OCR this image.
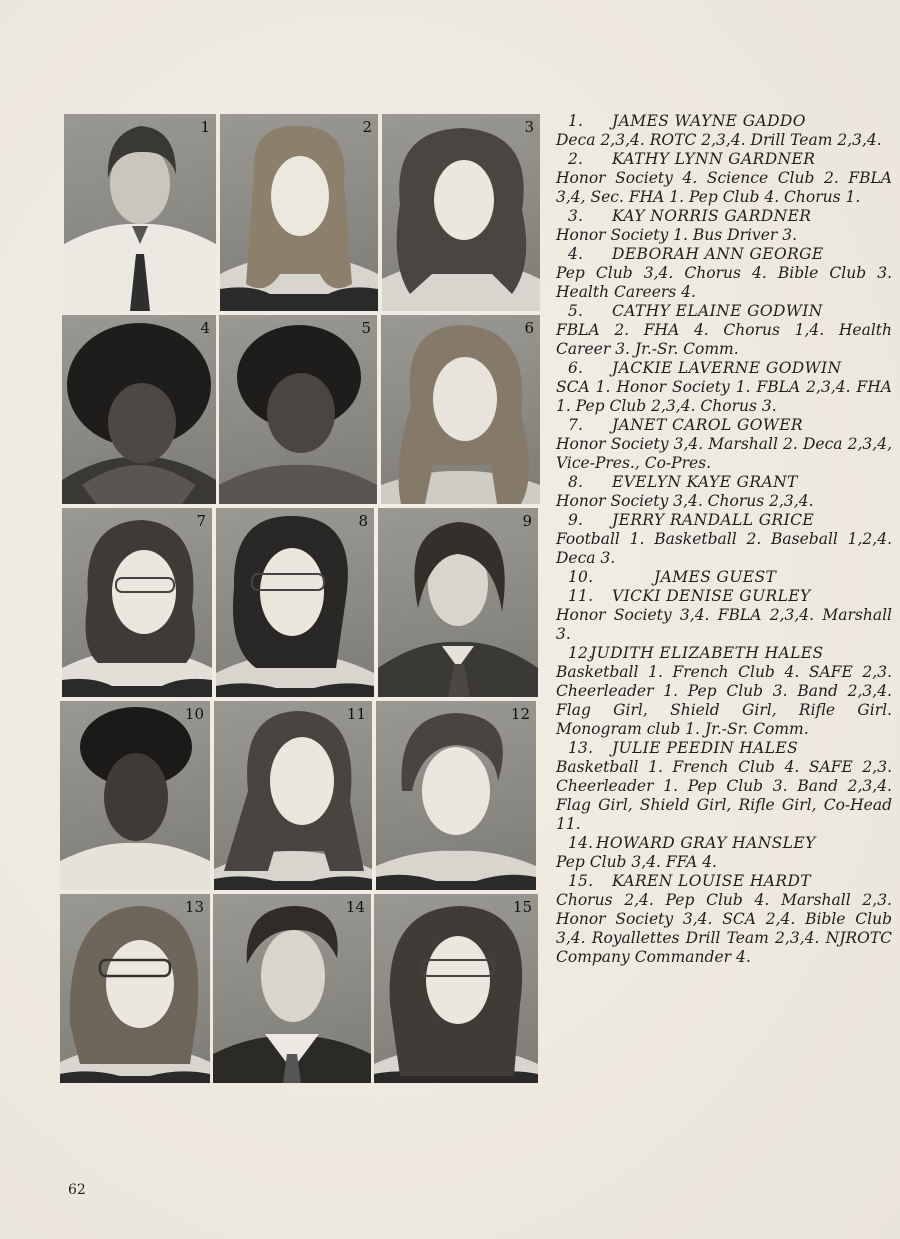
1	2	3
4	5	6
7	8	9
10	11	12
13	14	15
1. JAMES WAYNE GADDO
Deca 2,3,4. ROTC 2,3,4. Drill Team 2,3,4.
2. KATHY LYNN GARDNER
Honor Society 4. Science Club 2. FBLA 3,4, Sec. FHA 1. Pep Club 4. Chorus 1.
3. KAY NORRIS GARDNER
Honor Society 1. Bus Driver 3.
4. DEBORAH ANN GEORGE
Pep Club 3,4. Chorus 4. Bible Club 3. Health Careers 4.
5. CATHY ELAINE GODWIN
FBLA 2. FHA 4. Chorus 1,4. Health Career 3. Jr.-Sr. Comm.
6. JACKIE LAVERNE GODWIN
SCA 1. Honor Society 1. FBLA 2,3,4. FHA 1. Pep Club 2,3,4. Chorus 3.
7. JANET CAROL GOWER
Honor Society 3,4. Marshall 2. Deca 2,3,4, Vice-Pres., Co-Pres.
8. EVELYN KAYE GRANT
Honor Society 3,4. Chorus 2,3,4.
9. JERRY RANDALL GRICE
Football 1. Basketball 2. Baseball 1,2,4. Deca 3.
10.	JAMES GUEST
11. VICKI DENISE GURLEY
Honor Society 3,4. FBLA 2,3,4. Marshall 3.
12.JUDITH ELIZABETH HALES
Basketball 1. French Club 4. SAFE 2,3. Cheerleader 1. Pep Club 3. Band 2,3,4. Flag Girl, Shield Girl, Rifle Girl. Monogram club 1. Jr.-Sr. Comm.
13. JULIE PEEDIN HALES
Basketball 1. French Club 4. SAFE 2,3. Cheerleader 1. Pep Club 3. Band 2,3,4. Flag Girl, Shield Girl, Rifle Girl, Co-Head 11.
14. HOWARD GRAY HANSLEY
Pep Club 3,4. FFA 4.
15. KAREN LOUISE HARDT
Chorus 2,4. Pep Club 4. Marshall 2,3. Honor Society 3,4. SCA 2,4. Bible Club 3,4. Royallettes Drill Team 2,3,4. NJROTC Company Commander 4.
62
